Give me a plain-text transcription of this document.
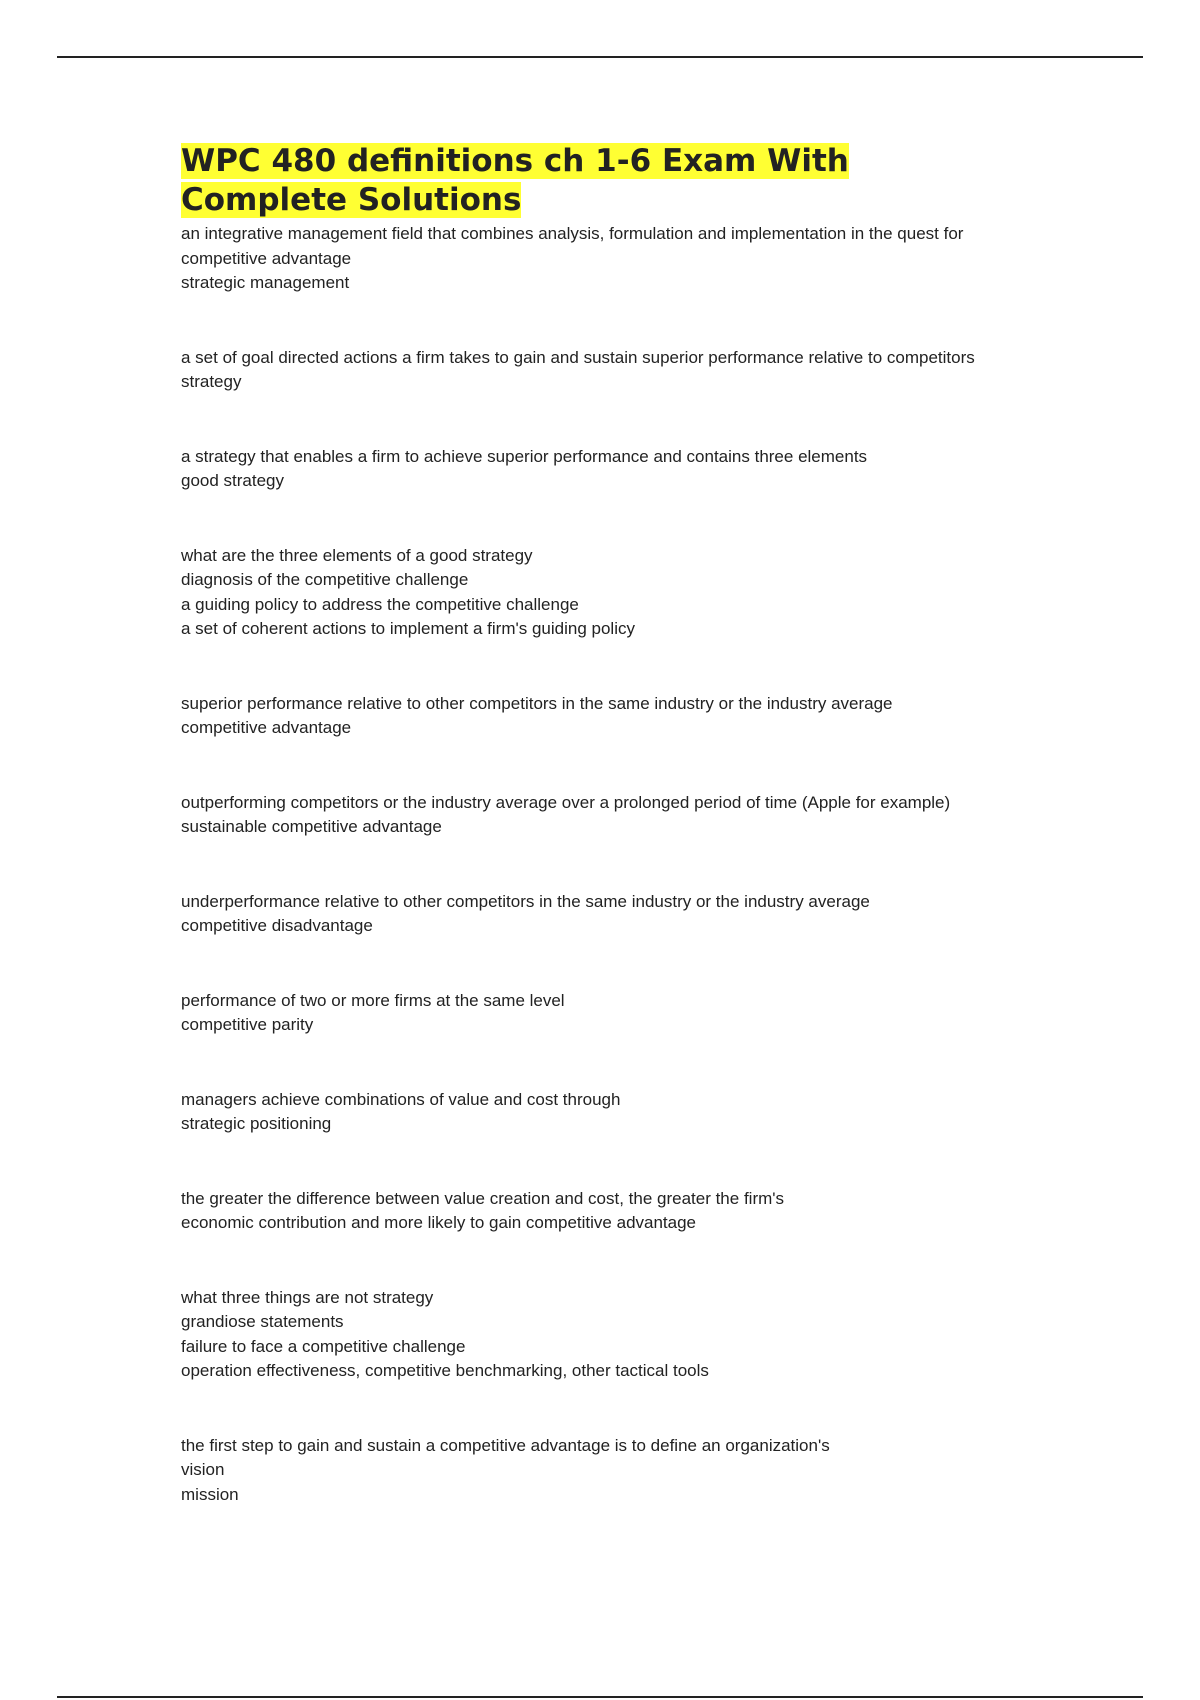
WPC 480 definitions ch 1-6 Exam With Complete Solutions
an integrative management field that combines analysis, formulation and implementation in the quest for competitive advantage
strategic management
a set of goal directed actions a firm takes to gain and sustain superior performance relative to competitors
strategy
a strategy that enables a firm to achieve superior performance and contains three elements
good strategy
what are the three elements of a good strategy
diagnosis of the competitive challenge
a guiding policy to address the competitive challenge
a set of coherent actions to implement a firm's guiding policy
superior performance relative to other competitors in the same industry or the industry average
competitive advantage
outperforming competitors or the industry average over a prolonged period of time (Apple for example)
sustainable competitive advantage
underperformance relative to other competitors in the same industry or the industry average
competitive disadvantage
performance of two or more firms at the same level
competitive parity
managers achieve combinations of value and cost through
strategic positioning
the greater the difference between value creation and cost, the greater the firm's
economic contribution and more likely to gain competitive advantage
what three things are not strategy
grandiose statements
failure to face a competitive challenge
operation effectiveness, competitive benchmarking, other tactical tools
the first step to gain and sustain a competitive advantage is to define an organization's
vision
mission
